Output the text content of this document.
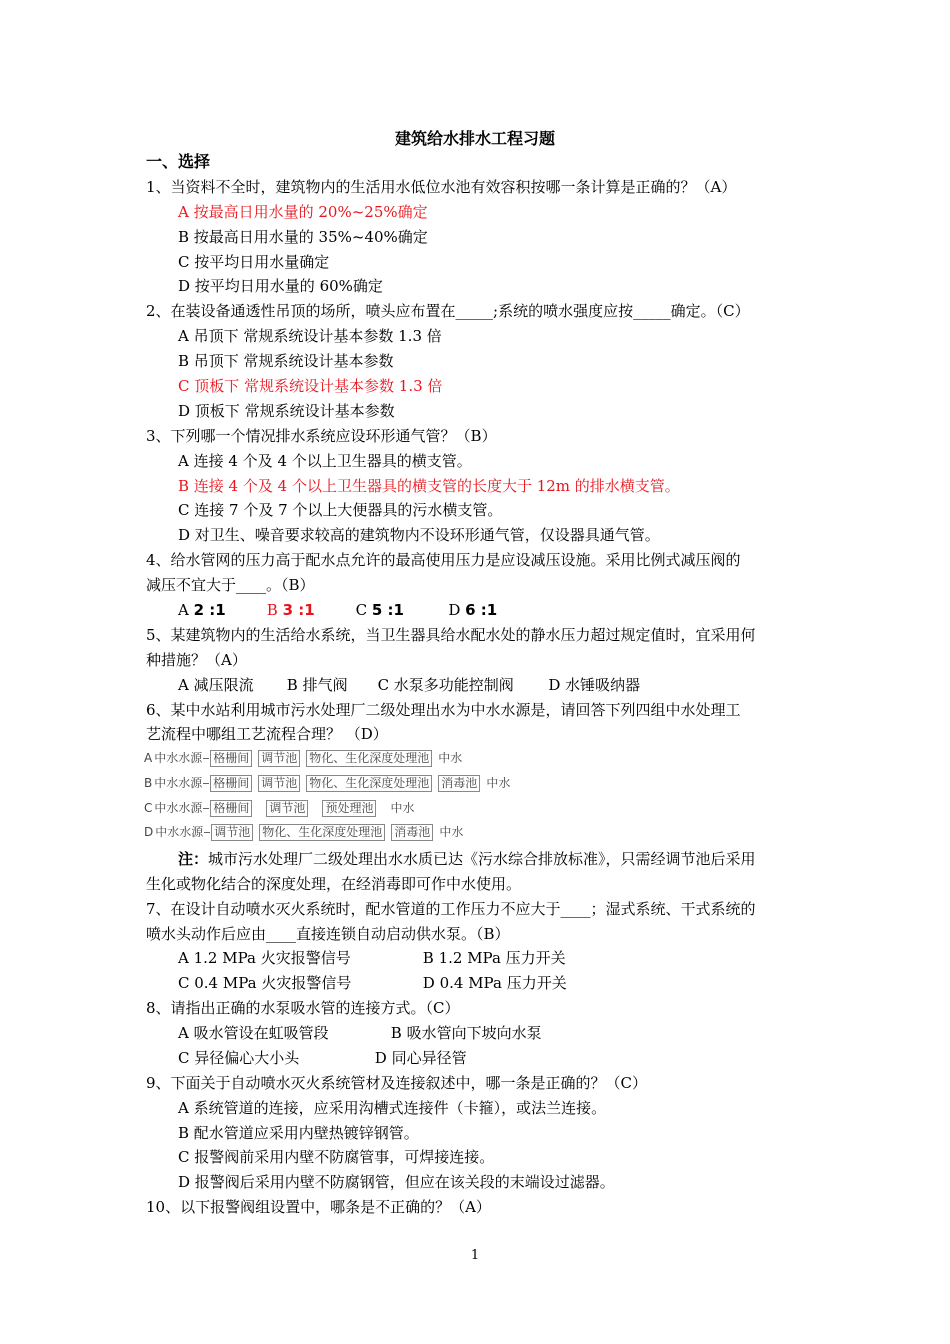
建筑给水排水工程习题
一、选择
1、当资料不全时，建筑物内的生活用水低位水池有效容积按哪一条计算是正确的？（A）
A 按最高日用水量的 20%~25%确定
B 按最高日用水量的 35%~40%确定
C 按平均日用水量确定
D 按平均日用水量的 60%确定
2、在装设备通透性吊顶的场所，喷头应布置在_____;系统的喷水强度应按_____确定。（C）
A 吊顶下 常规系统设计基本参数 1.3 倍
B 吊顶下 常规系统设计基本参数
C 顶板下 常规系统设计基本参数 1.3 倍
D 顶板下 常规系统设计基本参数
3、下列哪一个情况排水系统应设环形通气管？（B）
A 连接 4 个及 4 个以上卫生器具的横支管。
B 连接 4 个及 4 个以上卫生器具的横支管的长度大于 12m 的排水横支管。
C 连接 7 个及 7 个以上大便器具的污水横支管。
D 对卫生、噪音要求较高的建筑物内不设环形通气管，仅设器具通气管。
4、给水管网的压力高于配水点允许的最高使用压力是应设减压设施。采用比例式减压阀的
减压不宜大于____。（B）
A 2 :1	B 3 :1	C 5 :1	D 6 :1
5、某建筑物内的生活给水系统，当卫生器具给水配水处的静水压力超过规定值时，宜采用何
种措施？（A）
A 减压限流 B 排气阀 C 水泵多功能控制阀 D 水锤吸纳器
6、某中水站利用城市污水处理厂二级处理出水为中水水源是，请回答下列四组中水处理工
艺流程中哪组工艺流程合理？ （D）
A 中水水源 格栅间 调节池 物化、生化深度处理池 中水
B 中水水源 格栅间 调节池 物化、生化深度处理池 消毒池 中水
C 中水水源 格栅间 调节池 预处理池 中水
D 中水水源 调节池 物化、生化深度处理池 消毒池 中水
注：城市污水处理厂二级处理出水水质已达《污水综合排放标准》，只需经调节池后采用
生化或物化结合的深度处理，在经消毒即可作中水使用。
7、在设计自动喷水灭火系统时，配水管道的工作压力不应大于____；湿式系统、干式系统的
喷水头动作后应由____直接连锁自动启动供水泵。（B）
A 1.2 MPa 火灾报警信号	B 1.2 MPa 压力开关
C 0.4 MPa 火灾报警信号	D 0.4 MPa 压力开关
8、请指出正确的水泵吸水管的连接方式。（C）
A 吸水管设在虹吸管段	B 吸水管向下坡向水泵
C 异径偏心大小头	D 同心异径管
9、下面关于自动喷水灭火系统管材及连接叙述中，哪一条是正确的？（C）
A 系统管道的连接，应采用沟槽式连接件（卡箍），或法兰连接。
B 配水管道应采用内壁热镀锌钢管。
C 报警阀前采用内壁不防腐管事，可焊接连接。
D 报警阀后采用内壁不防腐钢管，但应在该关段的末端设过滤器。
10、以下报警阀组设置中，哪条是不正确的？（A）
1
